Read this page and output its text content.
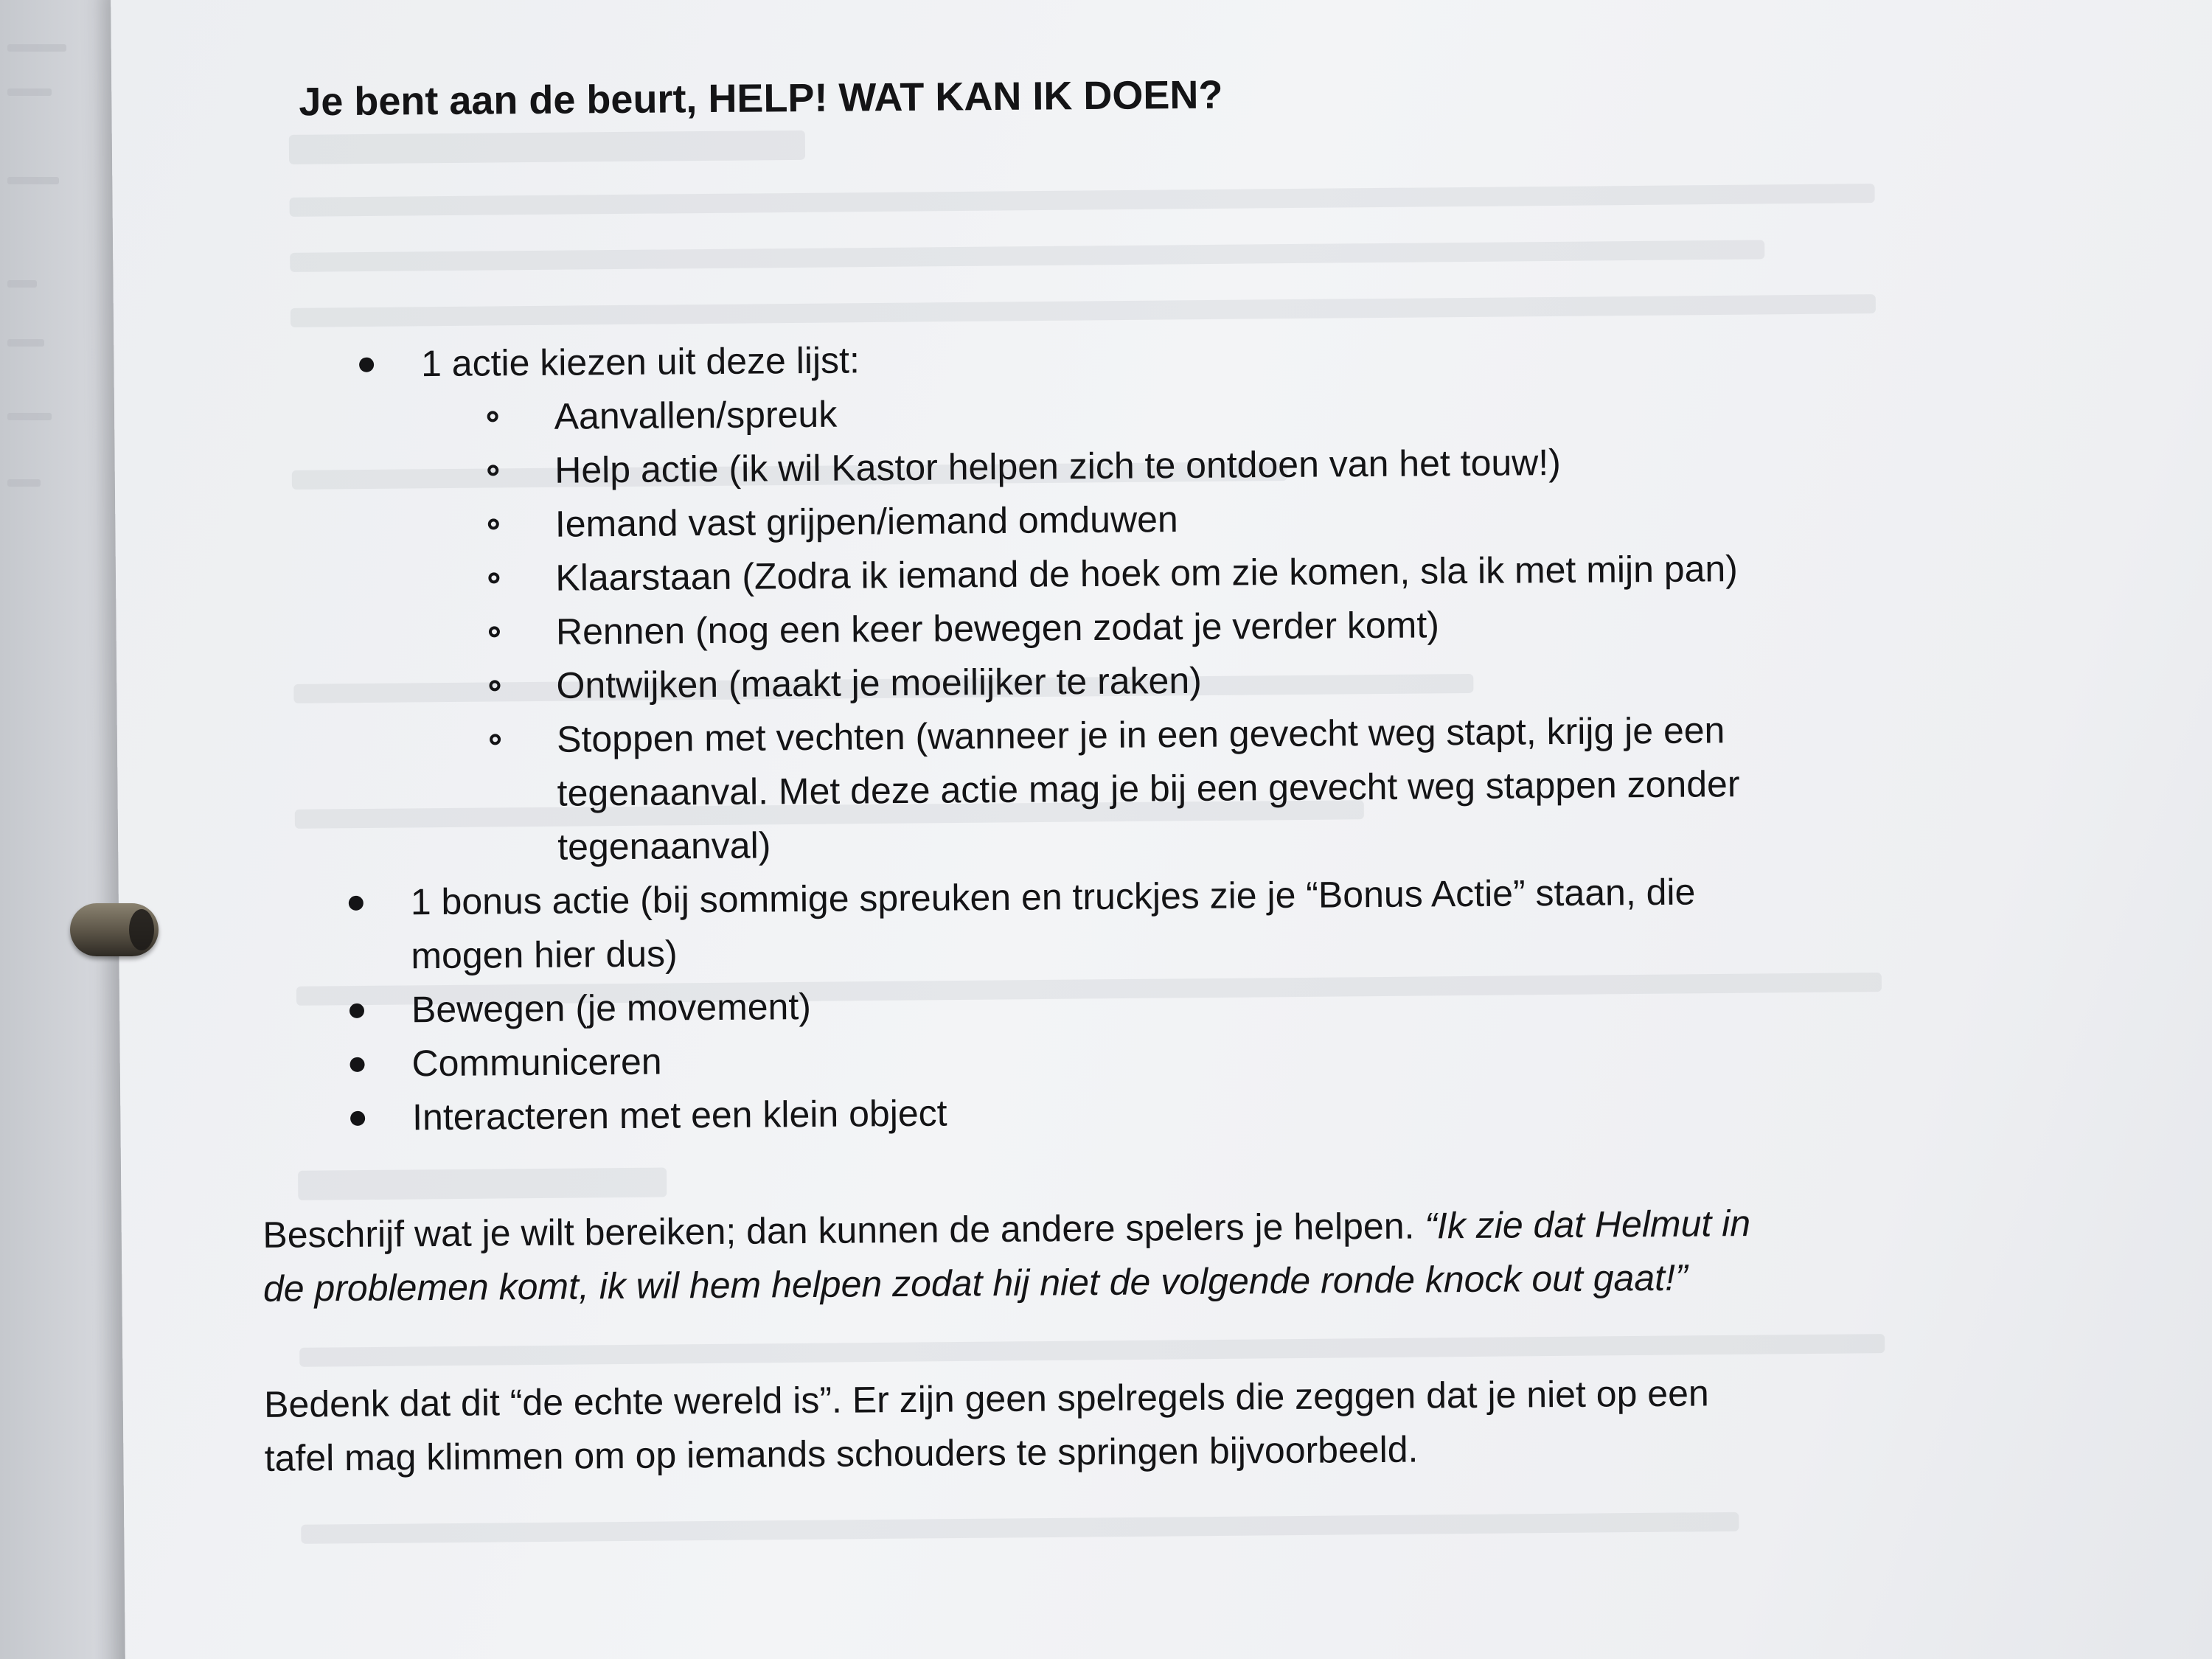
Je bent aan de beurt, HELP! WAT KAN IK DOEN?
1 actie kiezen uit deze lijst:
Aanvallen/spreuk
Help actie (ik wil Kastor helpen zich te ontdoen van het touw!)
Iemand vast grijpen/iemand omduwen
Klaarstaan (Zodra ik iemand de hoek om zie komen, sla ik met mijn pan)
Rennen (nog een keer bewegen zodat je verder komt)
Ontwijken (maakt je moeilijker te raken)
Stoppen met vechten (wanneer je in een gevecht weg stapt, krijg je een
tegenaanval. Met deze actie mag je bij een gevecht weg stappen zonder
tegenaanval)
1 bonus actie (bij sommige spreuken en truckjes zie je “Bonus Actie” staan, die
mogen hier dus)
Bewegen (je movement)
Communiceren
Interacteren met een klein object
Beschrijf wat je wilt bereiken; dan kunnen de andere spelers je helpen. “Ik zie dat Helmut in
de problemen komt, ik wil hem helpen zodat hij niet de volgende ronde knock out gaat!”
Bedenk dat dit “de echte wereld is”. Er zijn geen spelregels die zeggen dat je niet op een
tafel mag klimmen om op iemands schouders te springen bijvoorbeeld.
